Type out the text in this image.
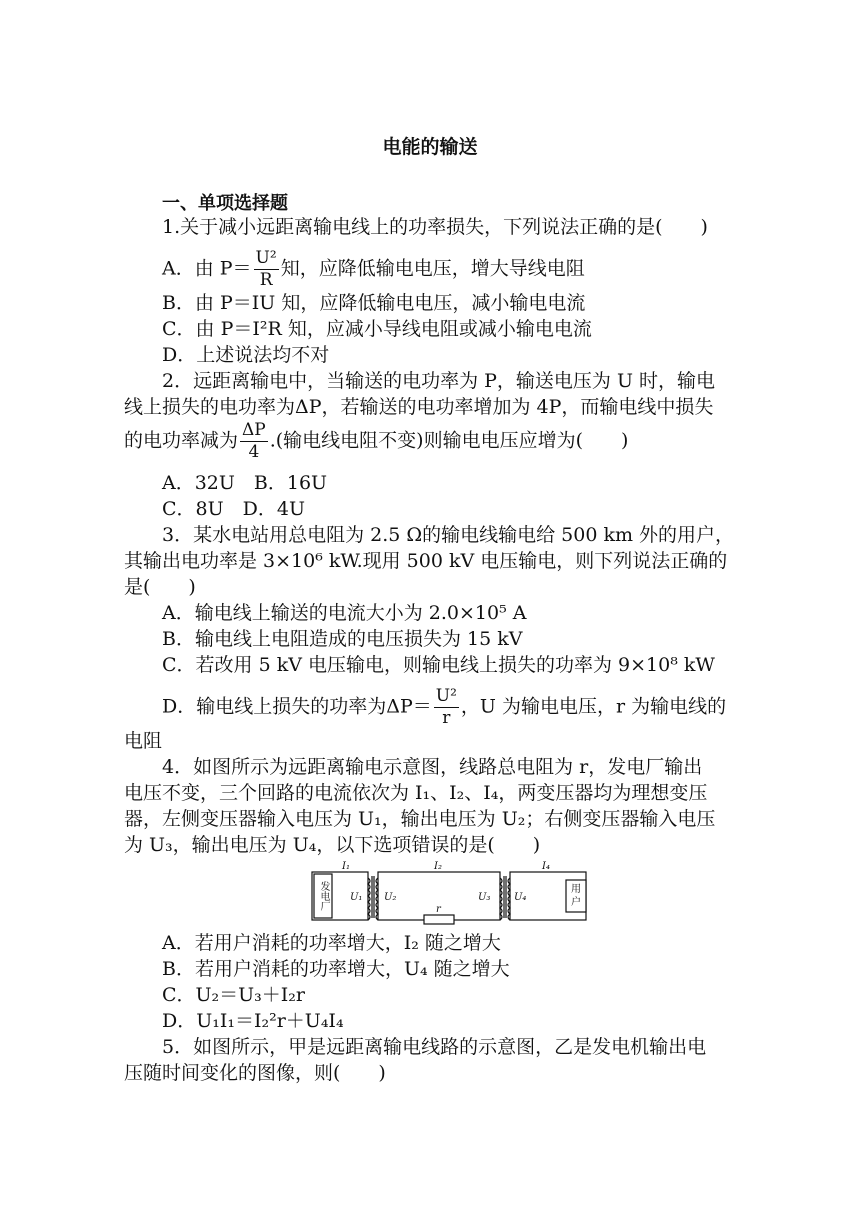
电能的输送
一、单项选择题
1.关于减小远距离输电线上的功率损失，下列说法正确的是(　　)
A．由 $P= \frac{\text{U²}}{R}$ 知，应降低输电电压，增大导线电阻
B．由 P＝IU 知，应降低输电电压，减小输电电流
C．由 P＝I²R 知，应减小导线电阻或减小输电电流
D．上述说法均不对
2．远距离输电中，当输送的电功率为 P，输送电压为 U 时，输电
线上损失的电功率为ΔP，若输送的电功率增加为 4P，而输电线中损失
的电功率减为 $\frac{\Delta P}{4}$ .(输电线电阻不变)则输电电压应增为(　　)
A．32U　B．16U
C．8U　D．4U
3．某水电站用总电阻为 2.5 Ω的输电线输电给 500 km 外的用户，
其输出电功率是 3×10⁶ kW.现用 500 kV 电压输电，则下列说法正确的
是(　　)
A．输电线上输送的电流大小为 2.0×10⁵ A
B．输电线上电阻造成的电压损失为 15 kV
C．若改用 5 kV 电压输电，则输电线上损失的功率为 9×10⁸ kW
D．输电线上损失的功率为$\Delta P= \frac{\text{U²}}{r}$ ，U 为输电电压，r 为输电线的
电阻
4．如图所示为远距离输电示意图，线路总电阻为 r，发电厂输出
电压不变，三个回路的电流依次为 I₁、I₂、I₄，两变压器均为理想变压
器，左侧变压器输入电压为 U₁，输出电压为 U₂；右侧变压器输入电压
为 U₃，输出电压为 U₄，以下选项错误的是(　　)
I₁	I₂	I₄
U₁ U₂	U₃ U₄
r
发电厂	用户
A．若用户消耗的功率增大，I₂ 随之增大
B．若用户消耗的功率增大，U₄ 随之增大
C．U₂＝U₃＋I₂r
D．U₁I₁＝I₂²r＋U₄I₄
5．如图所示，甲是远距离输电线路的示意图，乙是发电机输出电
压随时间变化的图像，则(　　)
